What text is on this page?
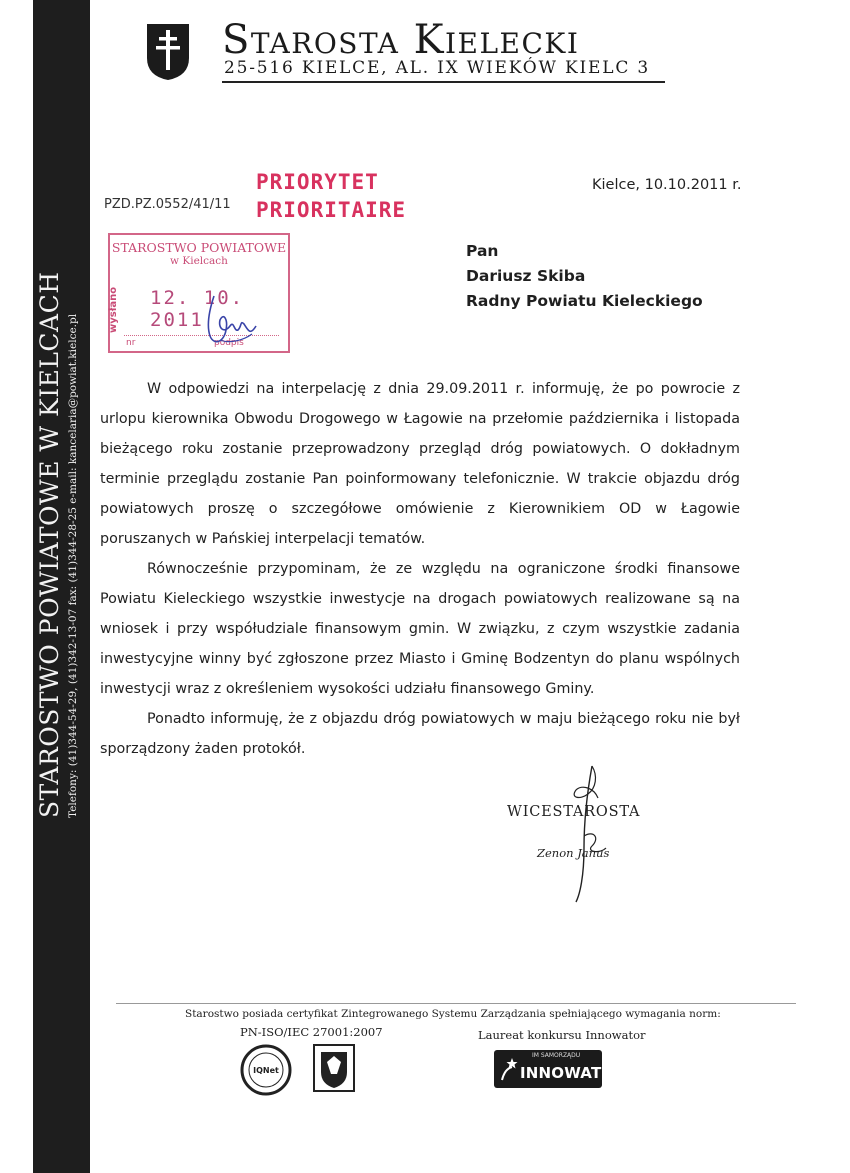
STAROSTWO POWIATOWE W KIELCACH Telefony: (41)344-54-29, (41)342-13-07 fax: (41)344-28-25 e-mail: kancelaria@powiat.kielce.pl
Starosta Kielecki
25-516 KIELCE, AL. IX WIEKÓW KIELC 3
PZD.PZ.0552/41/11
PRIORYTET
PRIORITAIRE
Kielce, 10.10.2011 r.
STAROSTWO POWIATOWE
w Kielcach
wysłano 12. 10. 2011
nr	podpis
Pan
Dariusz Skiba
Radny Powiatu Kieleckiego

W odpowiedzi na interpelację z dnia 29.09.2011 r. informuję, że po powrocie z urlopu kierownika Obwodu Drogowego w Łagowie na przełomie października i listopada bieżącego roku zostanie przeprowadzony przegląd dróg powiatowych. O dokładnym terminie przeglądu zostanie Pan poinformowany telefonicznie. W trakcie objazdu dróg powiatowych proszę o szczegółowe omówienie z Kierownikiem OD w Łagowie poruszanych w Pańskiej interpelacji tematów.

Równocześnie przypominam, że ze względu na ograniczone środki finansowe Powiatu Kieleckiego wszystkie inwestycje na drogach powiatowych realizowane są na wniosek i przy współudziale finansowym gmin. W związku, z czym wszystkie zadania inwestycyjne winny być zgłoszone przez Miasto i Gminę Bodzentyn do planu wspólnych inwestycji wraz z określeniem wysokości udziału finansowego Gminy.

Ponadto informuję, że z objazdu dróg powiatowych w maju bieżącego roku nie był sporządzony żaden protokół.

WICESTAROSTA
Zenon Janus
Starostwo posiada certyfikat Zintegrowanego Systemu Zarządzania spełniającego wymagania norm:
PN-ISO/IEC 27001:2007	Laureat konkursu Innowator
IQNet
IM SAMORZĄDU
INNOWATOR
